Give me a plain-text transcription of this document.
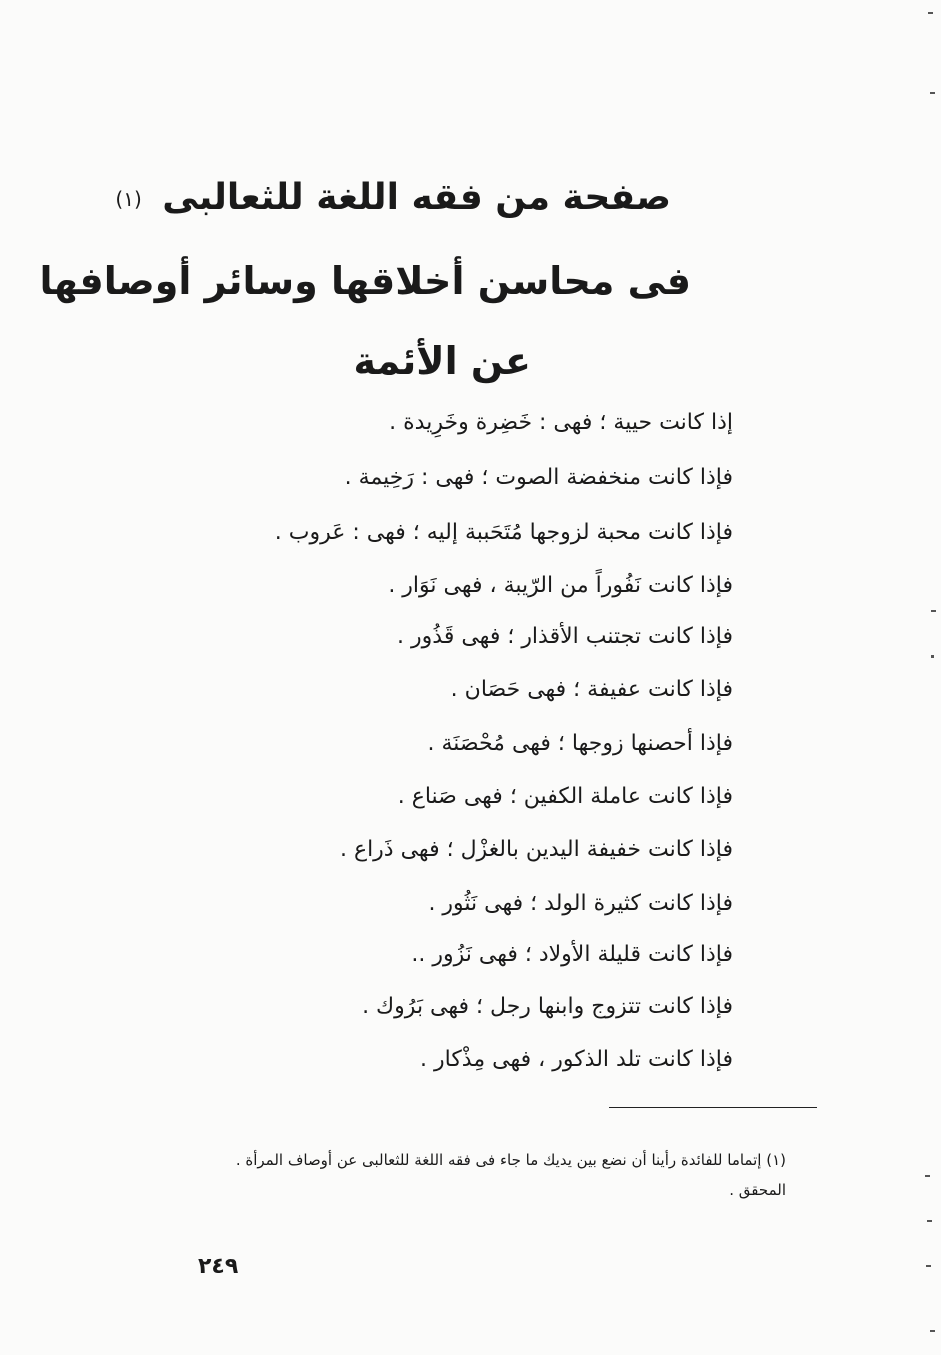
صفحة من فقه اللغة للثعالبى (١)
فى محاسن أخلاقها وسائر أوصافها
عن الأئمة
إذا كانت حيية ؛ فهى : خَضِرة وخَرِيدة .
فإذا كانت منخفضة الصوت ؛ فهى : رَخِيمة .
فإذا كانت محبة لزوجها مُتَحَببة إليه ؛ فهى : عَروب .
فإذا كانت نَفُوراً من الرّيبة ، فهى نَوَار .
فإذا كانت تجتنب الأقذار ؛ فهى قَذُور .
فإذا كانت عفيفة ؛ فهى حَصَان .
فإذا أحصنها زوجها ؛ فهى مُحْصَنَة .
فإذا كانت عاملة الكفين ؛ فهى صَناع .
فإذا كانت خفيفة اليدين بالغزْل ؛ فهى ذَراع .
فإذا كانت كثيرة الولد ؛ فهى نَثُور .
فإذا كانت قليلة الأولاد ؛ فهى نَزُور ..
فإذا كانت تتزوج وابنها رجل ؛ فهى بَرُوك .
فإذا كانت تلد الذكور ، فهى مِذْكار .
(١) إتماما للفائدة رأينا أن نضع بين يديك ما جاء فى فقه اللغة للثعالبى عن أوصاف المرأة .
المحقق .
٢٤٩
